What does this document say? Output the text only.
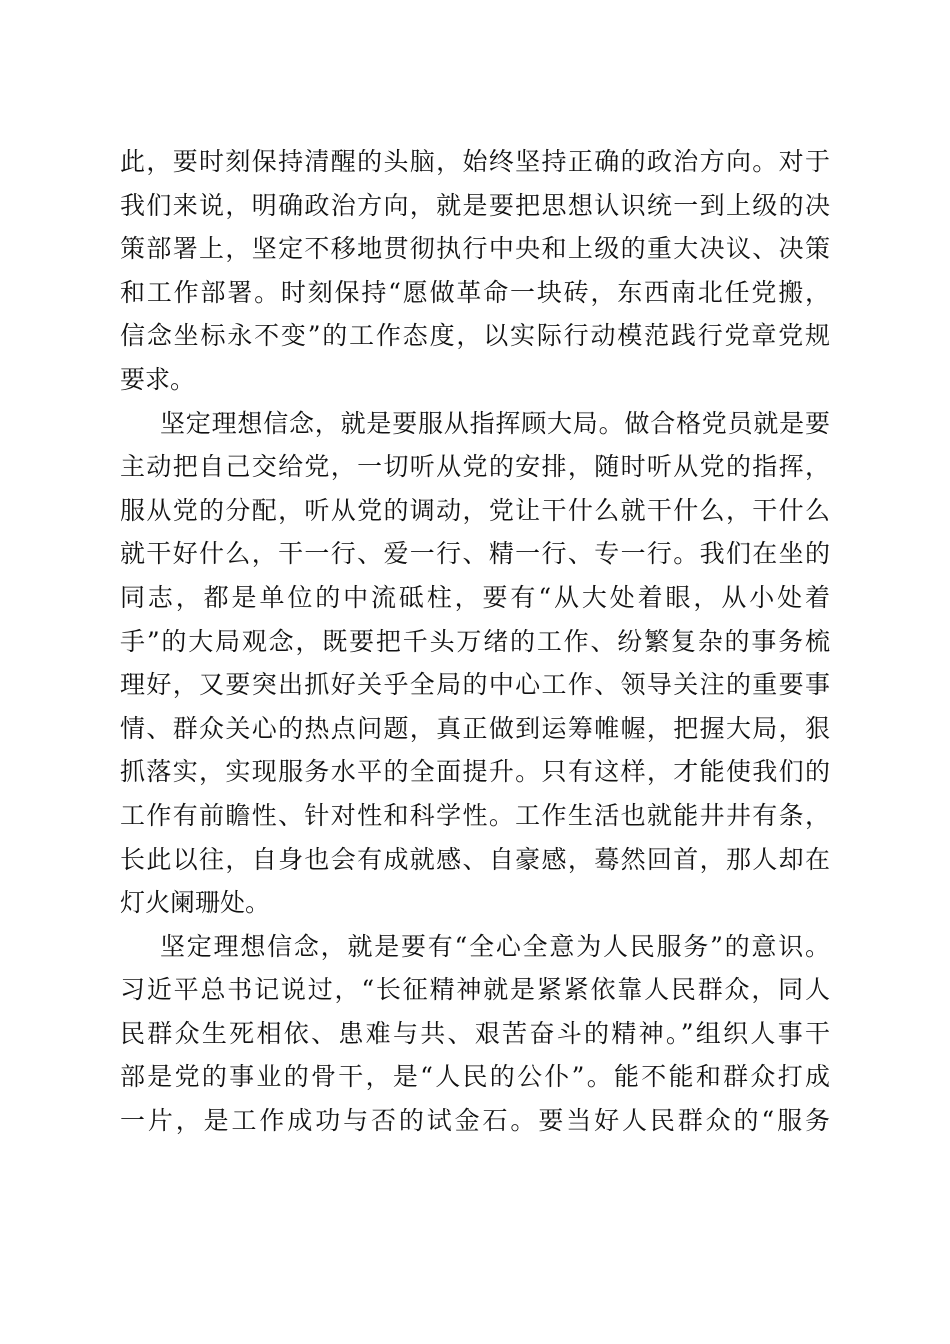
此，要时刻保持清醒的头脑，始终坚持正确的政治方向。对于
我们来说，明确政治方向，就是要把思想认识统一到上级的决
策部署上，坚定不移地贯彻执行中央和上级的重大决议、决策
和工作部署。时刻保持“愿做革命一块砖，东西南北任党搬，
信念坐标永不变”的工作态度，以实际行动模范践行党章党规
要求。
坚定理想信念，就是要服从指挥顾大局。做合格党员就是要
主动把自己交给党，一切听从党的安排，随时听从党的指挥，
服从党的分配，听从党的调动，党让干什么就干什么，干什么
就干好什么，干一行、爱一行、精一行、专一行。我们在坐的
同志，都是单位的中流砥柱，要有“从大处着眼，从小处着
手”的大局观念，既要把千头万绪的工作、纷繁复杂的事务梳
理好，又要突出抓好关乎全局的中心工作、领导关注的重要事
情、群众关心的热点问题，真正做到运筹帷幄，把握大局，狠
抓落实，实现服务水平的全面提升。只有这样，才能使我们的
工作有前瞻性、针对性和科学性。工作生活也就能井井有条，
长此以往，自身也会有成就感、自豪感，蓦然回首，那人却在
灯火阑珊处。
坚定理想信念，就是要有“全心全意为人民服务”的意识。
习近平总书记说过，“长征精神就是紧紧依靠人民群众，同人
民群众生死相依、患难与共、艰苦奋斗的精神。”组织人事干
部是党的事业的骨干，是“人民的公仆”。能不能和群众打成
一片，是工作成功与否的试金石。要当好人民群众的“服务
